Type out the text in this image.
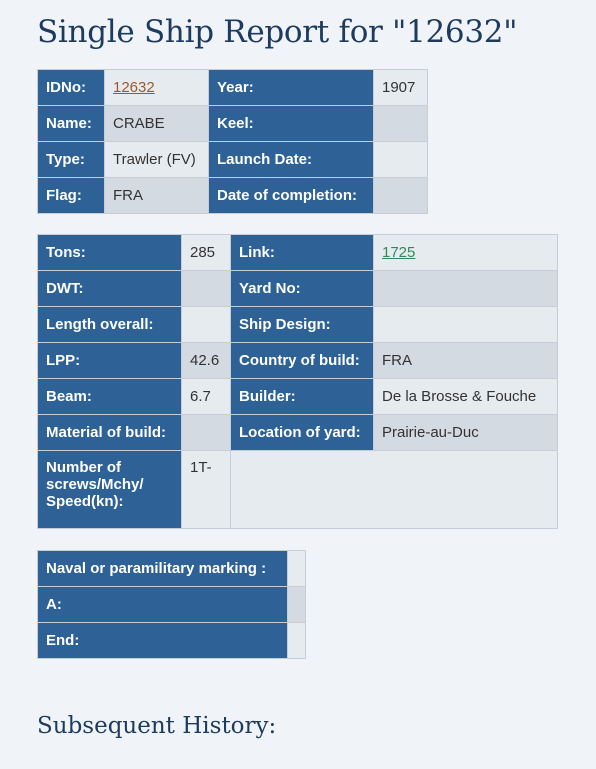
Single Ship Report for "12632"
IDNo:	12632	Year:	1907
Name:	CRABE	Keel:	
Type:	Trawler (FV)	Launch Date:	
Flag:	FRA	Date of completion:	
Tons:	285	Link:	1725
DWT:		Yard No:	
Length overall:		Ship Design:	
LPP:	42.6	Country of build:	FRA
Beam:	6.7	Builder:	De la Brosse & Fouche
Material of build:		Location of yard:	Prairie-au-Duc
Number of
screws/Mchy/
Speed(kn):	1T-		
Naval or paramilitary marking :	
A:	
End:	
Subsequent History:
